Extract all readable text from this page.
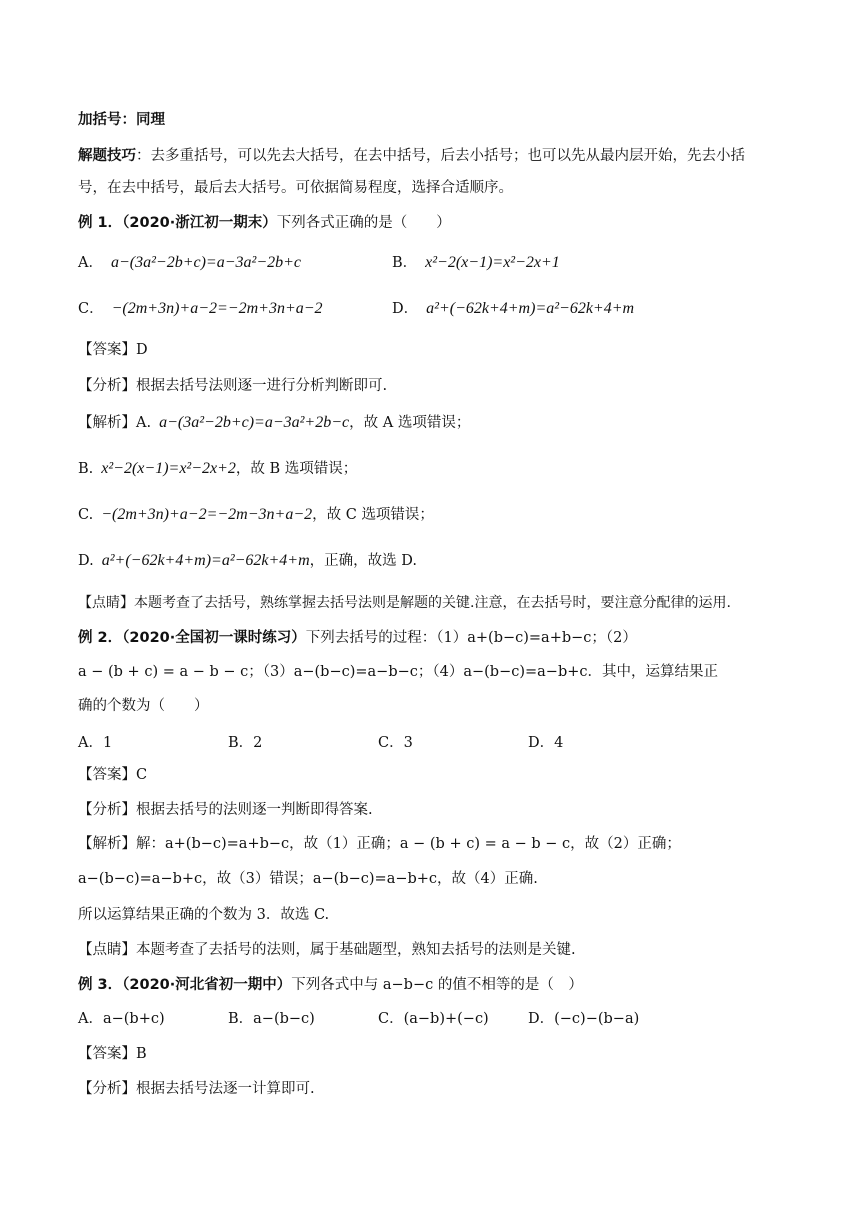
加括号：同理
解题技巧：去多重括号，可以先去大括号，在去中括号，后去小括号；也可以先从最内层开始，先去小括
号，在去中括号，最后去大括号。可依据简易程度，选择合适顺序。
例 1．（2020·浙江初一期末）下列各式正确的是（　　）
A． a−(3a²−2b+c)=a−3a²−2b+c	B． x²−2(x−1)=x²−2x+1
C． −(2m+3n)+a−2=−2m+3n+a−2	D． a²+(−62k+4+m)=a²−62k+4+m
【答案】D
【分析】根据去括号法则逐一进行分析判断即可.
【解析】A. a−(3a²−2b+c)=a−3a²+2b−c，故 A 选项错误；
B. x²−2(x−1)=x²−2x+2，故 B 选项错误；
C. −(2m+3n)+a−2=−2m−3n+a−2，故 C 选项错误；
D. a²+(−62k+4+m)=a²−62k+4+m，正确，故选 D.
【点睛】本题考查了去括号，熟练掌握去括号法则是解题的关键.注意，在去括号时，要注意分配律的运用.
例 2．（2020·全国初一课时练习）下列去括号的过程：（1）a+(b−c)=a+b−c；（2）
a − (b + c) = a − b − c；（3）a−(b−c)=a−b−c；（4）a−(b−c)=a−b+c．其中，运算结果正
确的个数为（　　）
A．1	B．2	C．3	D．4
【答案】C
【分析】根据去括号的法则逐一判断即得答案.
【解析】解：a+(b−c)=a+b−c，故（1）正确；a − (b + c) = a − b − c，故（2）正确；
a−(b−c)=a−b+c，故（3）错误；a−(b−c)=a−b+c，故（4）正确.
所以运算结果正确的个数为 3．故选 C.
【点睛】本题考查了去括号的法则，属于基础题型，熟知去括号的法则是关键.
例 3．（2020·河北省初一期中）下列各式中与 a−b−c 的值不相等的是（　）
A．a−(b+c)	B．a−(b−c)	C．(a−b)+(−c)	D．(−c)−(b−a)
【答案】B
【分析】根据去括号法逐一计算即可.
